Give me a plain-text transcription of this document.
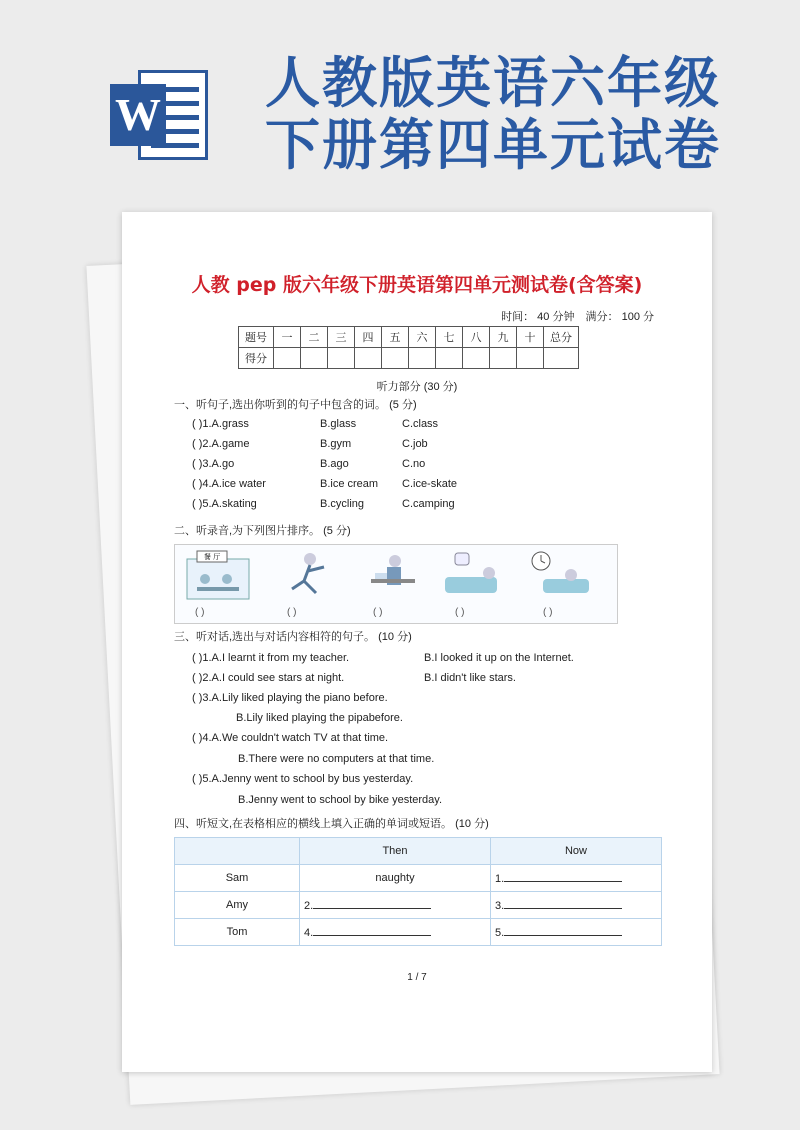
W 人教版英语六年级
下册第四单元试卷
人教 pep 版六年级下册英语第四单元测试卷(含答案)
时间： 40 分钟 满分： 100 分
题号	一	二	三	四	五	六	七	八	九	十	总分
得分											
听力部分 (30 分)
一、听句子,选出你听到的句子中包含的词。 (5 分)
( )1.A.grass	B.glass	C.class
( )2.A.game	B.gym	C.job
( )3.A.go	B.ago	C.no
( )4.A.ice water	B.ice cream C.ice-skate
( )5.A.skating	B.cycling	C.camping
二、听录音,为下列图片排序。 (5 分)
餐 厅
( )	( )	( )	( )	( )
三、听对话,选出与对话内容相符的句子。 (10 分)
( )1.A.I learnt it from my teacher.	B.I looked it up on the Internet.
( )2.A.I could see stars at night.	B.I didn't like stars.
( )3.A.Lily liked playing the piano before.
B.Lily liked playing the pipabefore.
( )4.A.We couldn't watch TV at that time.
B.There were no computers at that time.
( )5.A.Jenny went to school by bus yesterday.
B.Jenny went to school by bike yesterday.
四、听短文,在表格相应的横线上填入正确的单词或短语。 (10 分)
	Then	Now
Sam	naughty	1.
Amy	2.	3.
Tom	4.	5.
1 / 7
